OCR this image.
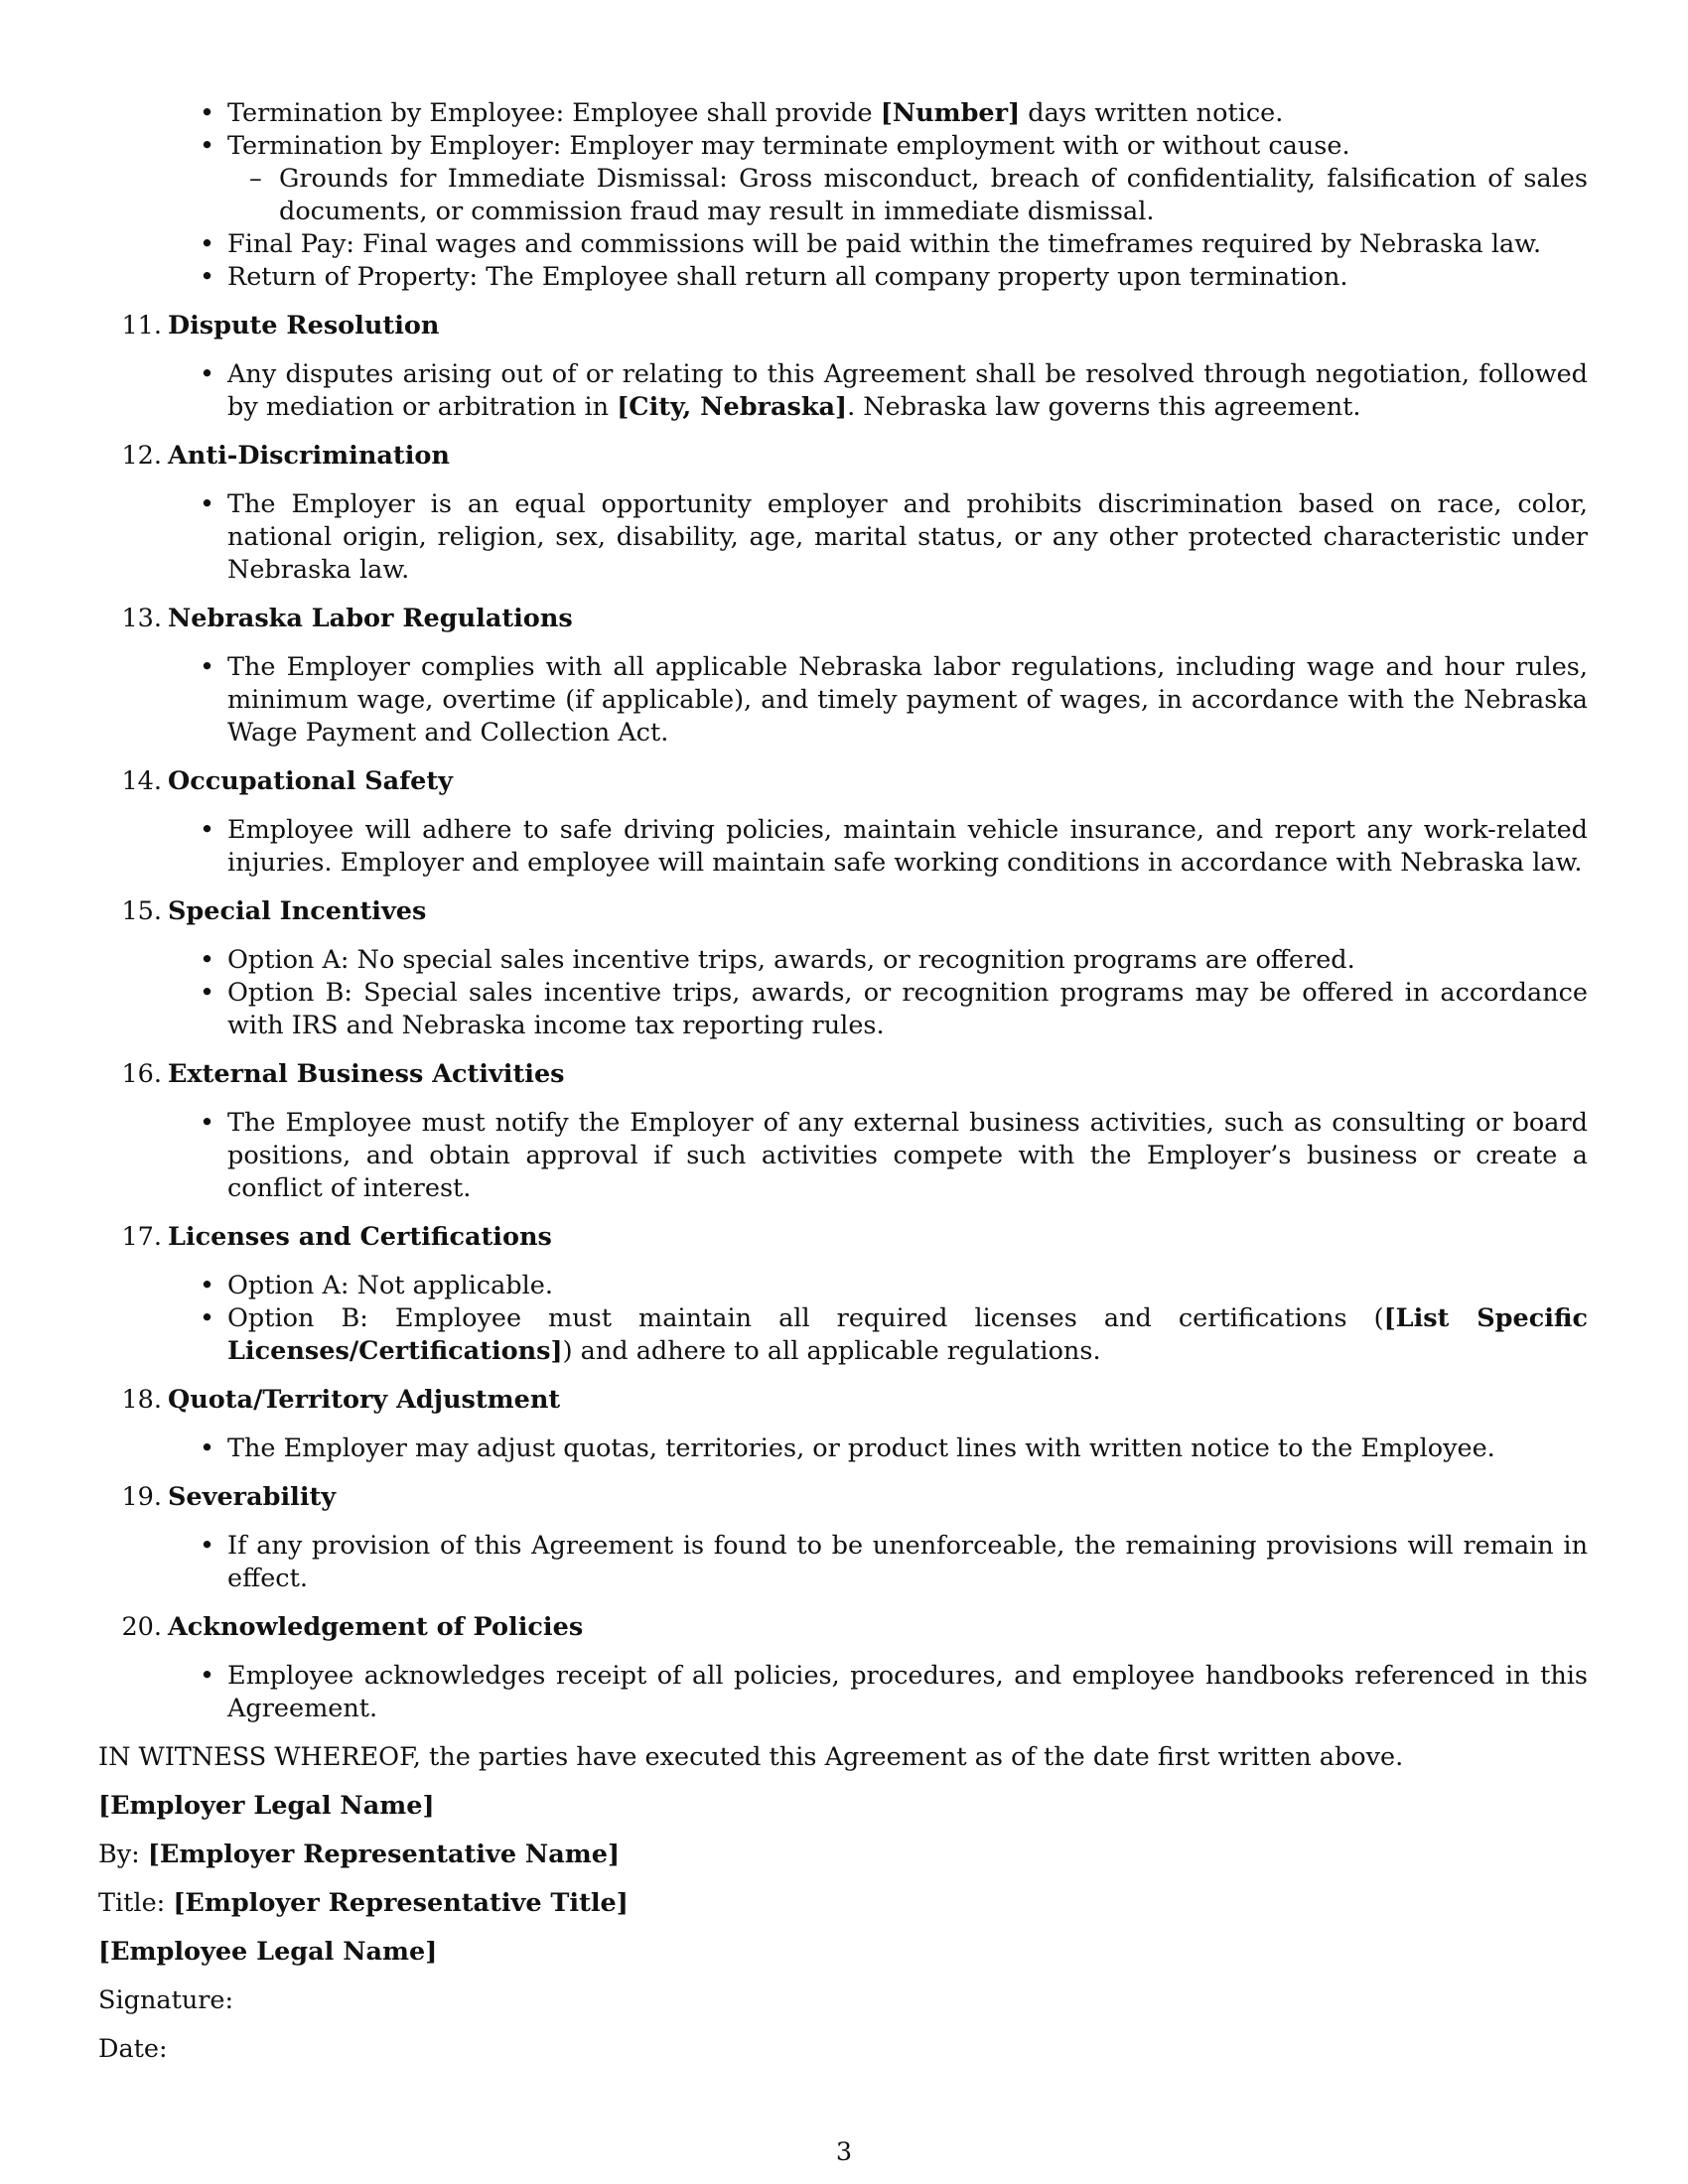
• Termination by Employee: Employee shall provide [Number] days written notice.
• Termination by Employer: Employer may terminate employment with or without cause.
– Grounds for Immediate Dismissal: Gross misconduct, breach of confidentiality, falsification of sales documents, or commission fraud may result in immediate dismissal.
• Final Pay: Final wages and commissions will be paid within the timeframes required by Nebraska law.
• Return of Property: The Employee shall return all company property upon termination.
11. Dispute Resolution
• Any disputes arising out of or relating to this Agreement shall be resolved through negotiation, followed by mediation or arbitration in [City, Nebraska]. Nebraska law governs this agreement.
12. Anti-Discrimination
• The Employer is an equal opportunity employer and prohibits discrimination based on race, color, national origin, religion, sex, disability, age, marital status, or any other protected characteristic under Nebraska law.
13. Nebraska Labor Regulations
• The Employer complies with all applicable Nebraska labor regulations, including wage and hour rules, minimum wage, overtime (if applicable), and timely payment of wages, in accordance with the Nebraska Wage Payment and Collection Act.
14. Occupational Safety
• Employee will adhere to safe driving policies, maintain vehicle insurance, and report any work-related injuries. Employer and employee will maintain safe working conditions in accordance with Nebraska law.
15. Special Incentives
• Option A: No special sales incentive trips, awards, or recognition programs are offered.
• Option B: Special sales incentive trips, awards, or recognition programs may be offered in accordance with IRS and Nebraska income tax reporting rules.
16. External Business Activities
• The Employee must notify the Employer of any external business activities, such as consulting or board positions, and obtain approval if such activities compete with the Employer’s business or create a conflict of interest.
17. Licenses and Certifications
• Option A: Not applicable.
• Option B: Employee must maintain all required licenses and certifications ([List Specific Licenses/Certifications]) and adhere to all applicable regulations.
18. Quota/Territory Adjustment
• The Employer may adjust quotas, territories, or product lines with written notice to the Employee.
19. Severability
• If any provision of this Agreement is found to be unenforceable, the remaining provisions will remain in effect.
20. Acknowledgement of Policies
• Employee acknowledges receipt of all policies, procedures, and employee handbooks referenced in this Agreement.

IN WITNESS WHEREOF, the parties have executed this Agreement as of the date first written above.

[Employer Legal Name]

By: [Employer Representative Name]

Title: [Employer Representative Title]

[Employee Legal Name]

Signature:

Date:

3
